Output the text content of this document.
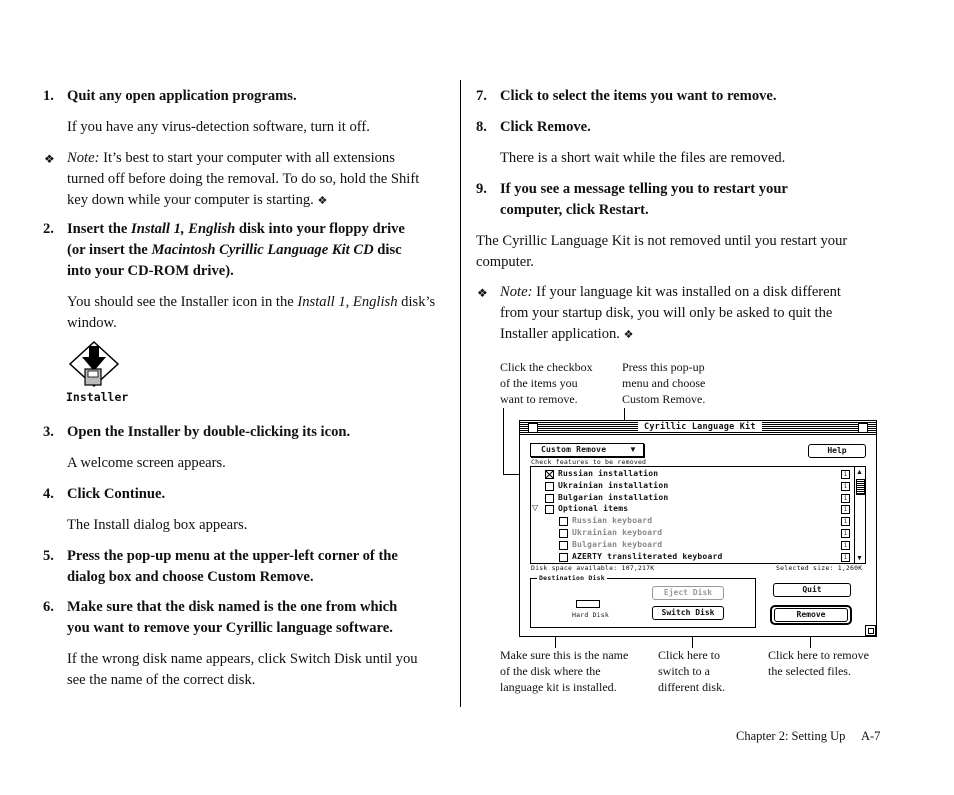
1. Quit any open application programs.
If you have any virus-detection software, turn it off.
❖ Note: It’s best to start your computer with all extensions
turned off before doing the removal. To do so, hold the Shift
key down while your computer is starting. ❖
2. Insert the Install 1, English disk into your floppy drive
(or insert the Macintosh Cyrillic Language Kit CD disc
into your CD-ROM drive).
You should see the Installer icon in the Install 1, English disk’s
window.
Installer
3. Open the Installer by double-clicking its icon.
A welcome screen appears.
4. Click Continue.
The Install dialog box appears.
5. Press the pop-up menu at the upper-left corner of the
dialog box and choose Custom Remove.
6. Make sure that the disk named is the one from which
you want to remove your Cyrillic language software.
If the wrong disk name appears, click Switch Disk until you
see the name of the correct disk.
7. Click to select the items you want to remove.
8. Click Remove.
There is a short wait while the files are removed.
9. If you see a message telling you to restart your
computer, click Restart.
The Cyrillic Language Kit is not removed until you restart your
computer.
❖ Note: If your language kit was installed on a disk different
from your startup disk, you will only be asked to quit the
Installer application. ❖
Click the checkbox
of the items you
want to remove.
Press this pop-up
menu and choose
Custom Remove.
Cyrillic Language Kit
Custom Remove	▼	Help
Check features to be removed
Russian installation	i
Ukrainian installation	i
Bulgarian installation	i
▽ Optional items	i
Russian keyboard	i
Ukrainian keyboard	i
Bulgarian keyboard	i
AZERTY transliterated keyboard	i
▲
▼
Disk space available: 107,217K	Selected size: 1,260K
Destination Disk
Hard Disk
Eject Disk
Switch Disk
Quit
Remove
Make sure this is the name
of the disk where the
language kit is installed.
Click here to
switch to a
different disk.
Click here to remove
the selected files.
Chapter 2: Setting Up A-7
